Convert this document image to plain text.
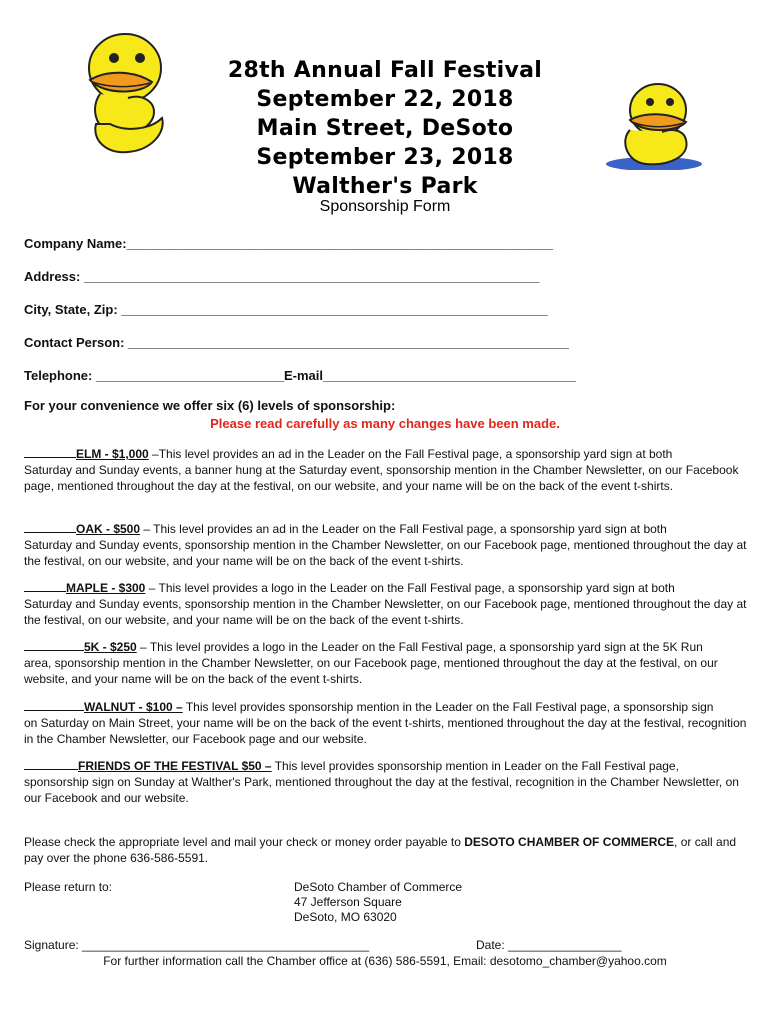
28th Annual Fall Festival
September 22, 2018
Main Street, DeSoto
September 23, 2018
Walther's Park
Sponsorship Form
Company Name:___________________________________________________________
Address: _______________________________________________________________
City, State, Zip: ___________________________________________________________
Contact Person: _____________________________________________________________
Telephone: __________________________E-mail___________________________________
For your convenience we offer six (6) levels of sponsorship:
Please read carefully as many changes have been made.
ELM - $1,000 –This level provides an ad in the Leader on the Fall Festival page, a sponsorship yard sign at both
Saturday and Sunday events, a banner hung at the Saturday event, sponsorship mention in the Chamber Newsletter, on our Facebook page, mentioned throughout the day at the festival, on our website, and your name will be on the back of the event t-shirts.
OAK - $500 – This level provides an ad in the Leader on the Fall Festival page, a sponsorship yard sign at both
Saturday and Sunday events, sponsorship mention in the Chamber Newsletter, on our Facebook page, mentioned throughout the day at the festival, on our website, and your name will be on the back of the event t-shirts.
MAPLE - $300 – This level provides a logo in the Leader on the Fall Festival page, a sponsorship yard sign at both
Saturday and Sunday events, sponsorship mention in the Chamber Newsletter, on our Facebook page, mentioned throughout the day at the festival, on our website, and your name will be on the back of the event t-shirts.
5K - $250 – This level provides a logo in the Leader on the Fall Festival page, a sponsorship yard sign at the 5K Run
area, sponsorship mention in the Chamber Newsletter, on our Facebook page, mentioned throughout the day at the festival, on our website, and your name will be on the back of the event t-shirts.
WALNUT - $100 – This level provides sponsorship mention in the Leader on the Fall Festival page, a sponsorship sign
on Saturday on Main Street, your name will be on the back of the event t-shirts, mentioned throughout the day at the festival, recognition in the Chamber Newsletter, our Facebook page and our website.
FRIENDS OF THE FESTIVAL $50 – This level provides sponsorship mention in Leader on the Fall Festival page,
sponsorship sign on Sunday at Walther's Park, mentioned throughout the day at the festival, recognition in the Chamber Newsletter, on our Facebook and our website.
Please check the appropriate level and mail your check or money order payable to DESOTO CHAMBER OF COMMERCE, or call and pay over the phone 636-586-5591.
Please return to:	DeSoto Chamber of Commerce
47 Jefferson Square
DeSoto, MO 63020
Signature: ___________________________________________	Date: _________________
For further information call the Chamber office at (636) 586-5591, Email: desotomo_chamber@yahoo.com
